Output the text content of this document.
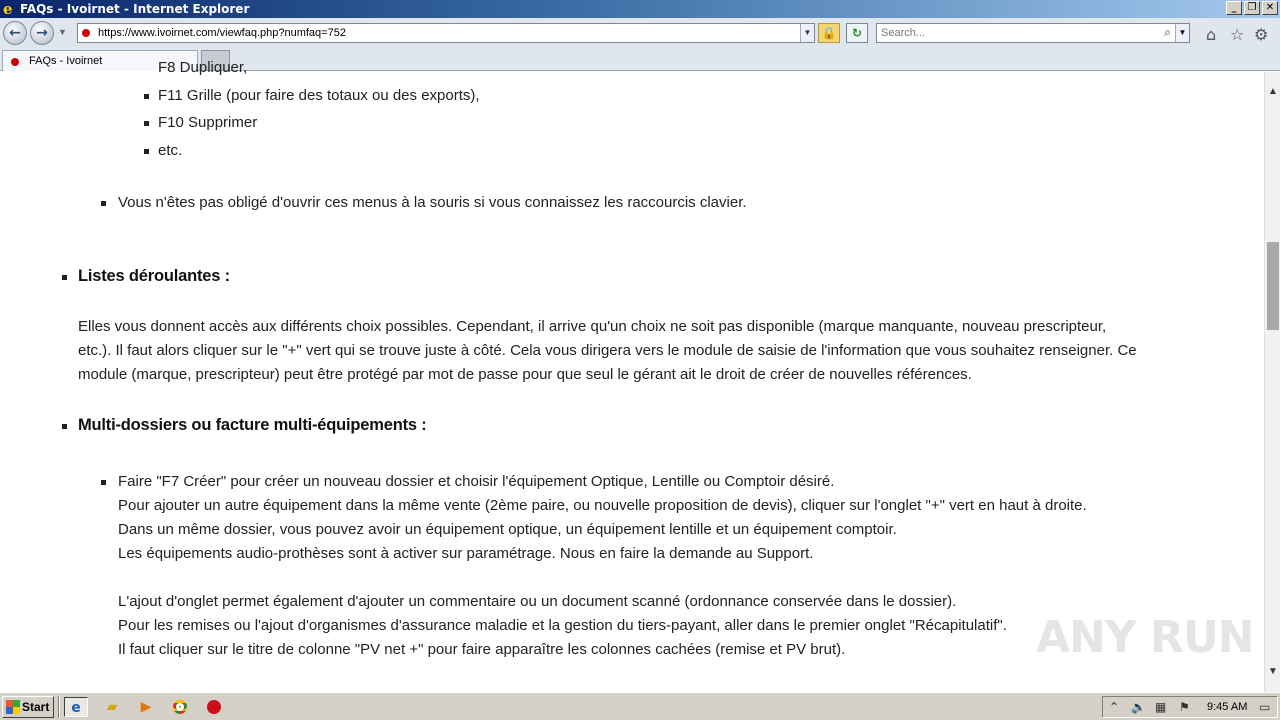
e FAQs - Ivoirnet - Internet Explorer	_	❐ ✕
←	→	▼	https://www.ivoirnet.com/viewfaq.php?numfaq=752	▼ 🔒	↻
Search...	⌕ ▼ ⌂ ☆ ⚙
FAQs - Ivoirnet	F8 Dupliquer,
F11 Grille (pour faire des totaux ou des exports),
F10 Supprimer
etc.
Vous n'êtes pas obligé d'ouvrir ces menus à la souris si vous connaissez les raccourcis clavier.
Listes déroulantes :
Elles vous donnent accès aux différents choix possibles. Cependant, il arrive qu'un choix ne soit pas disponible (marque manquante, nouveau prescripteur,
etc.). Il faut alors cliquer sur le "+" vert qui se trouve juste à côté. Cela vous dirigera vers le module de saisie de l'information que vous souhaitez renseigner. Ce
module (marque, prescripteur) peut être protégé par mot de passe pour que seul le gérant ait le droit de créer de nouvelles références.
Multi-dossiers ou facture multi-équipements :
Faire "F7 Créer" pour créer un nouveau dossier et choisir l'équipement Optique, Lentille ou Comptoir désiré.
Pour ajouter un autre équipement dans la même vente (2ème paire, ou nouvelle proposition de devis), cliquer sur l'onglet "+" vert en haut à droite.
Dans un même dossier, vous pouvez avoir un équipement optique, un équipement lentille et un équipement comptoir.
Les équipements audio-prothèses sont à activer sur paramétrage. Nous en faire la demande au Support.
L'ajout d'onglet permet également d'ajouter un commentaire ou un document scanné (ordonnance conservée dans le dossier).
Pour les remises ou l'ajout d'organismes d'assurance maladie et la gestion du tiers-payant, aller dans le premier onglet "Récapitulatif".
Il faut cliquer sur le titre de colonne "PV net +" pour faire apparaître les colonnes cachées (remise et PV brut).	ANY RUN
▲
▼
Start	e	▰	▶	⌃ 🔈 ▦ ⚑ 9:45 AM ▭
